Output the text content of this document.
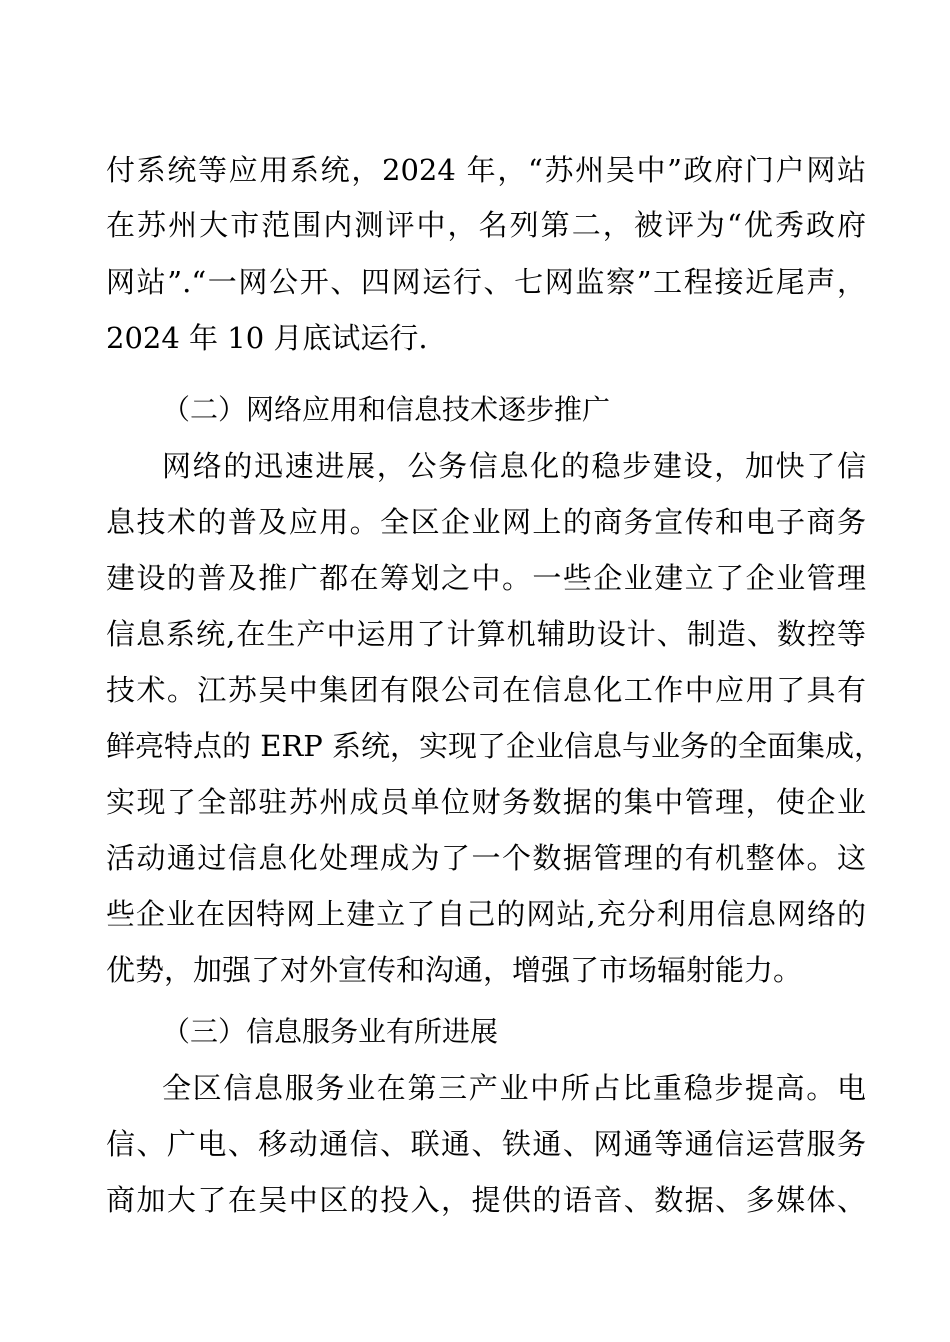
付系统等应用系统，2024 年，“苏州吴中”政府门户网站
在苏州大市范围内测评中，名列第二，被评为“优秀政府
网站”.“一网公开、四网运行、七网监察”工程接近尾声，
2024 年 10 月底试运行.
（二）网络应用和信息技术逐步推广
网络的迅速进展，公务信息化的稳步建设，加快了信
息技术的普及应用。全区企业网上的商务宣传和电子商务
建设的普及推广都在筹划之中。一些企业建立了企业管理
信息系统,在生产中运用了计算机辅助设计、制造、数控等
技术。江苏吴中集团有限公司在信息化工作中应用了具有
鲜亮特点的 ERP 系统，实现了企业信息与业务的全面集成，
实现了全部驻苏州成员单位财务数据的集中管理，使企业
活动通过信息化处理成为了一个数据管理的有机整体。这
些企业在因特网上建立了自己的网站,充分利用信息网络的
优势，加强了对外宣传和沟通，增强了市场辐射能力。
（三）信息服务业有所进展
全区信息服务业在第三产业中所占比重稳步提高。电
信、广电、移动通信、联通、铁通、网通等通信运营服务
商加大了在吴中区的投入，提供的语音、数据、多媒体、
